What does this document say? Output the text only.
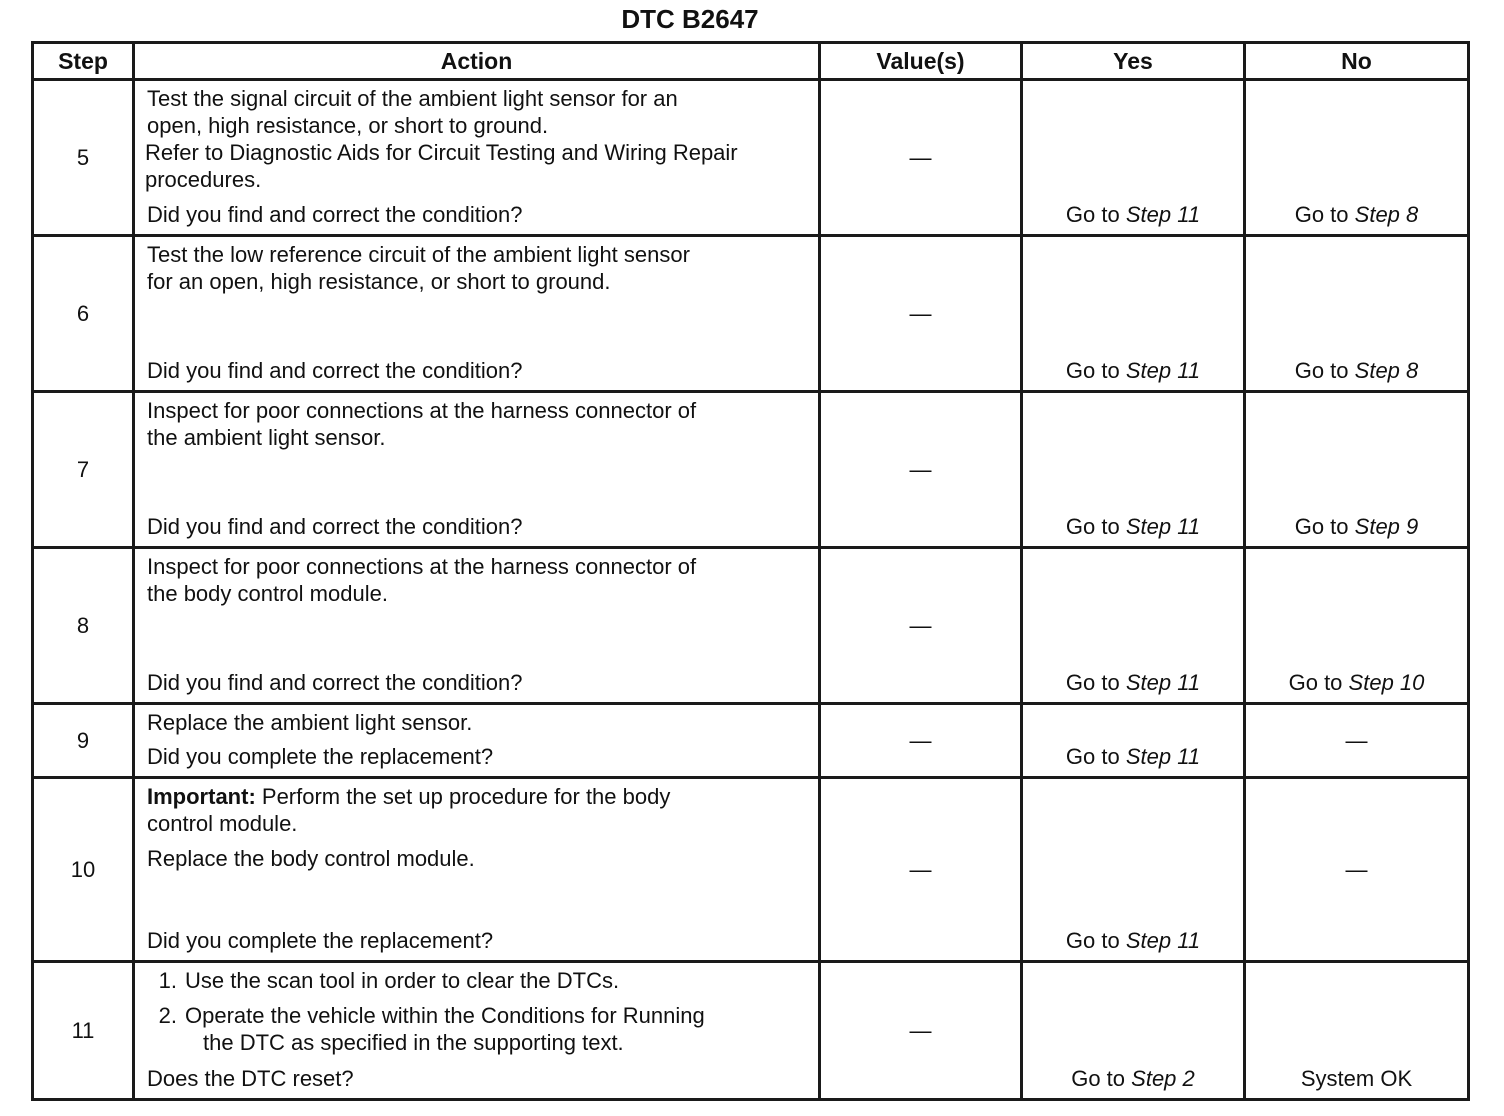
DTC B2647
Step	Action	Value(s)	Yes	No
5	Test the signal circuit of the ambient light sensor for an

open, high resistance, or short to ground.

Refer to Diagnostic Aids for Circuit Testing and Wiring Repair

procedures.

Did you find and correct the condition?	—	Go to Step 11	Go to Step 8

6	Test the low reference circuit of the ambient light sensor

for an open, high resistance, or short to ground.

Did you find and correct the condition?	—	Go to Step 11	Go to Step 8

7	Inspect for poor connections at the harness connector of

the ambient light sensor.

Did you find and correct the condition?	—	Go to Step 11	Go to Step 9

8	Inspect for poor connections at the harness connector of

the body control module.

Did you find and correct the condition?	—	Go to Step 11	Go to Step 10

9	Replace the ambient light sensor.

Did you complete the replacement?	—	Go to Step 11	—

10	Important: Perform the set up procedure for the body

control module.

Replace the body control module.

Did you complete the replacement?	—	Go to Step 11	—

11	1. Use the scan tool in order to clear the DTCs.

2. Operate the vehicle within the Conditions for Running

the DTC as specified in the supporting text.

Does the DTC reset?	—	Go to Step 2	System OK
